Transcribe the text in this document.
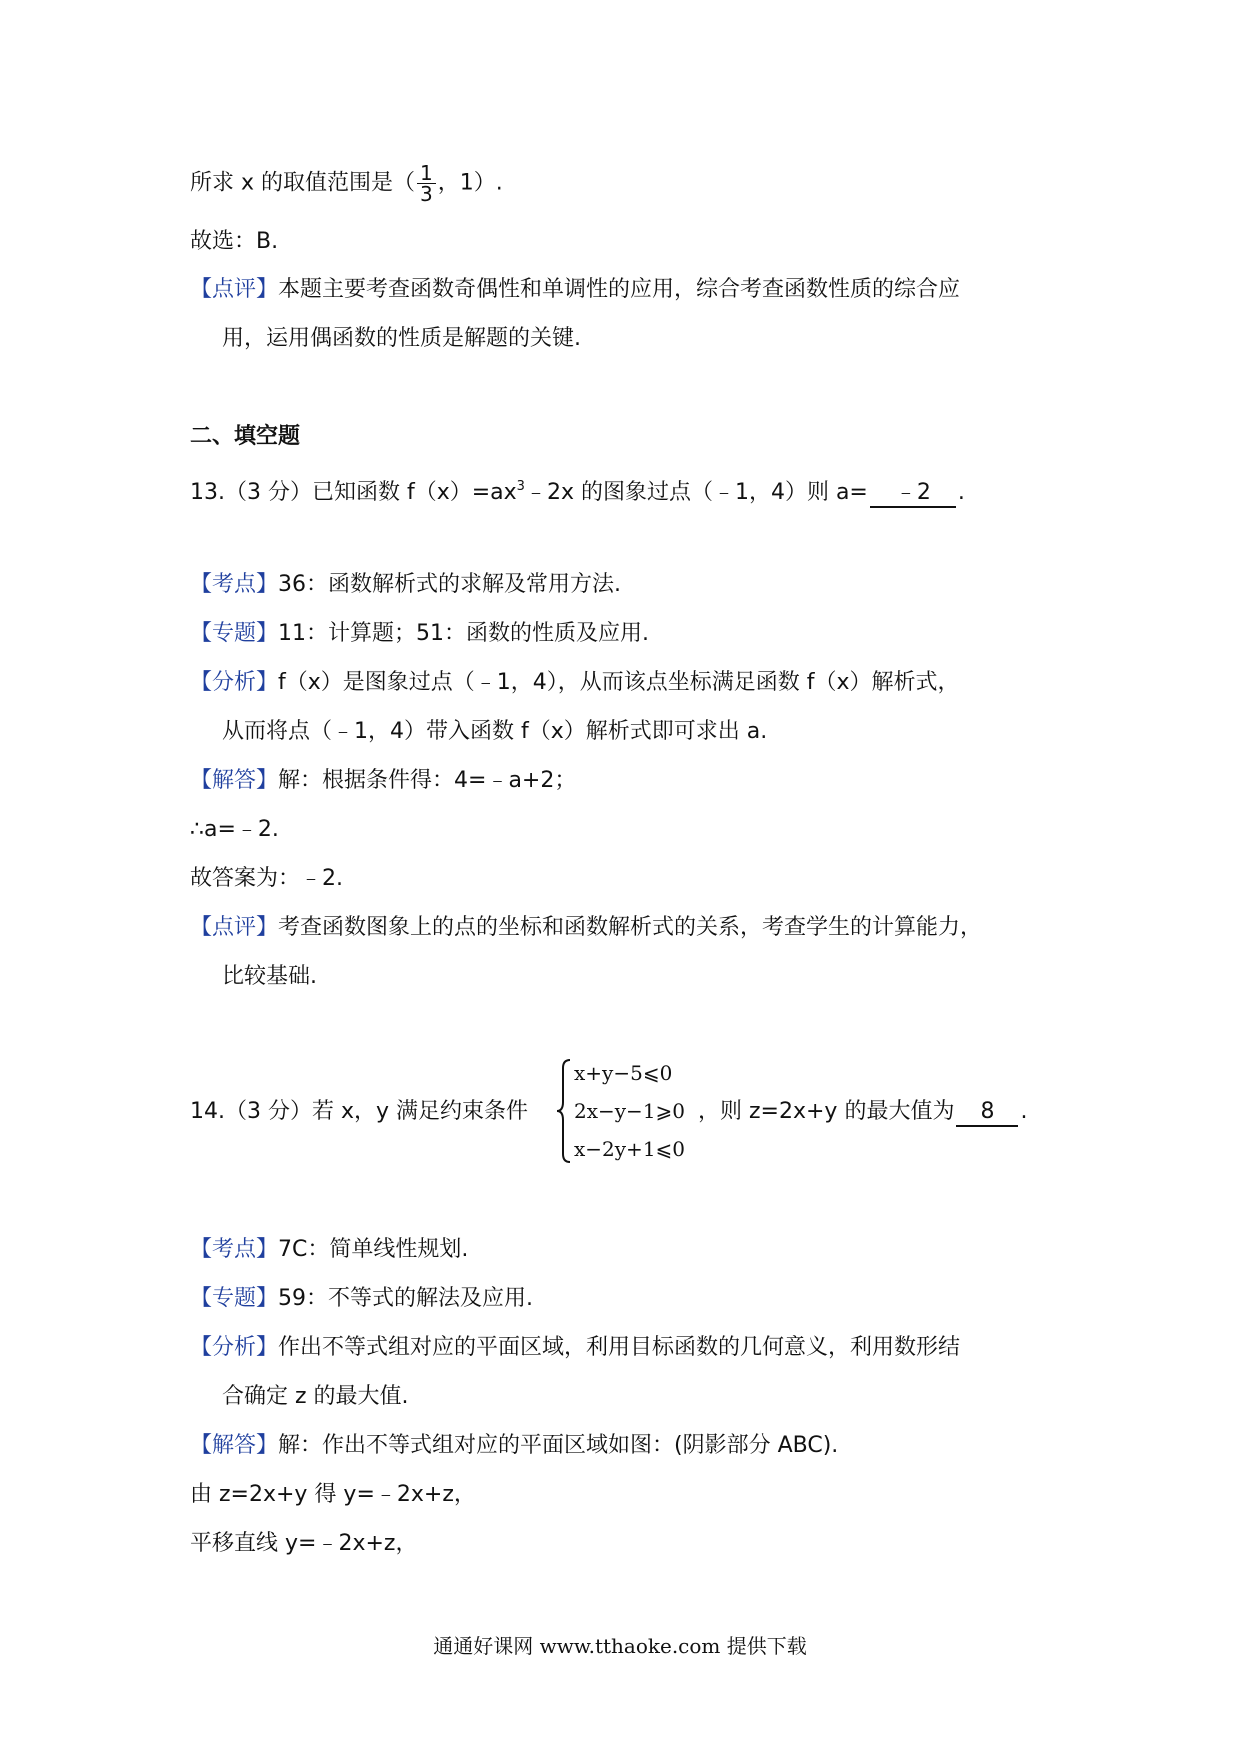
所求 x 的取值范围是（ $\frac{1}{3}$ ，1）.
故选：B.
【点评】本题主要考查函数奇偶性和单调性的应用，综合考查函数性质的综合应
用，运用偶函数的性质是解题的关键.
二、填空题
13.（3 分）已知函数 $f(x)=ax^3﹣2x$ 的图象过点（﹣1，4）则 a= ﹣2 .
【考点】36：函数解析式的求解及常用方法.
【专题】11：计算题；51：函数的性质及应用.
【分析】f（x）是图象过点（﹣1，4），从而该点坐标满足函数 f（x）解析式，
从而将点（﹣1，4）带入函数 f（x）解析式即可求出 a.
【解答】解：根据条件得：4=﹣a+2；
∴a=﹣2.
故答案为：﹣2.
【点评】考查函数图象上的点的坐标和函数解析式的关系，考查学生的计算能力，
比较基础.
14.（3 分）若 x，y 满足约束条件
x+y−5⩽0
2x−y−1⩾0
x−2y+1⩽0
，则 z=2x+y 的最大值为 8 .
【考点】7C：简单线性规划.
【专题】59：不等式的解法及应用.
【分析】作出不等式组对应的平面区域，利用目标函数的几何意义，利用数形结
合确定 z 的最大值.
【解答】解：作出不等式组对应的平面区域如图：(阴影部分 ABC).
由 z=2x+y 得 y=﹣2x+z，
平移直线 y=﹣2x+z，
通通好课网 www.tthaoke.com 提供下载
